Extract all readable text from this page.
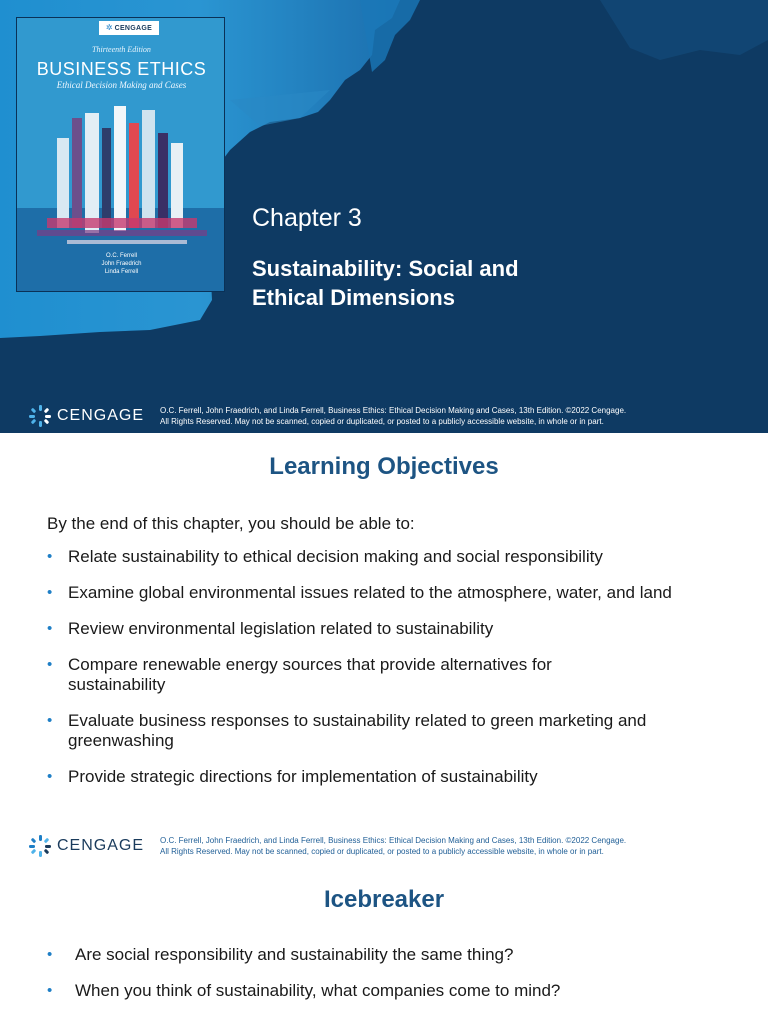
✲ CENGAGE
Thirteenth Edition
BUSINESS ETHICS
Ethical Decision Making and Cases
O.C. Ferrell
John Fraedrich
Linda Ferrell
Chapter 3
Sustainability: Social and
Ethical Dimensions
CENGAGE O.C. Ferrell, John Fraedrich, and Linda Ferrell, Business Ethics: Ethical Decision Making and Cases, 13th Edition. ©2022 Cengage.
All Rights Reserved. May not be scanned, copied or duplicated, or posted to a publicly accessible website, in whole or in part.
Learning Objectives

By the end of this chapter, you should be able to:

• Relate sustainability to ethical decision making and social responsibility
• Examine global environmental issues related to the atmosphere, water, and land
• Review environmental legislation related to sustainability
• Compare renewable energy sources that provide alternatives for sustainability
• Evaluate business responses to sustainability related to green marketing and greenwashing
• Provide strategic directions for implementation of sustainability
CENGAGE O.C. Ferrell, John Fraedrich, and Linda Ferrell, Business Ethics: Ethical Decision Making and Cases, 13th Edition. ©2022 Cengage.
All Rights Reserved. May not be scanned, copied or duplicated, or posted to a publicly accessible website, in whole or in part.
Icebreaker
• Are social responsibility and sustainability the same thing?
• When you think of sustainability, what companies come to mind?
